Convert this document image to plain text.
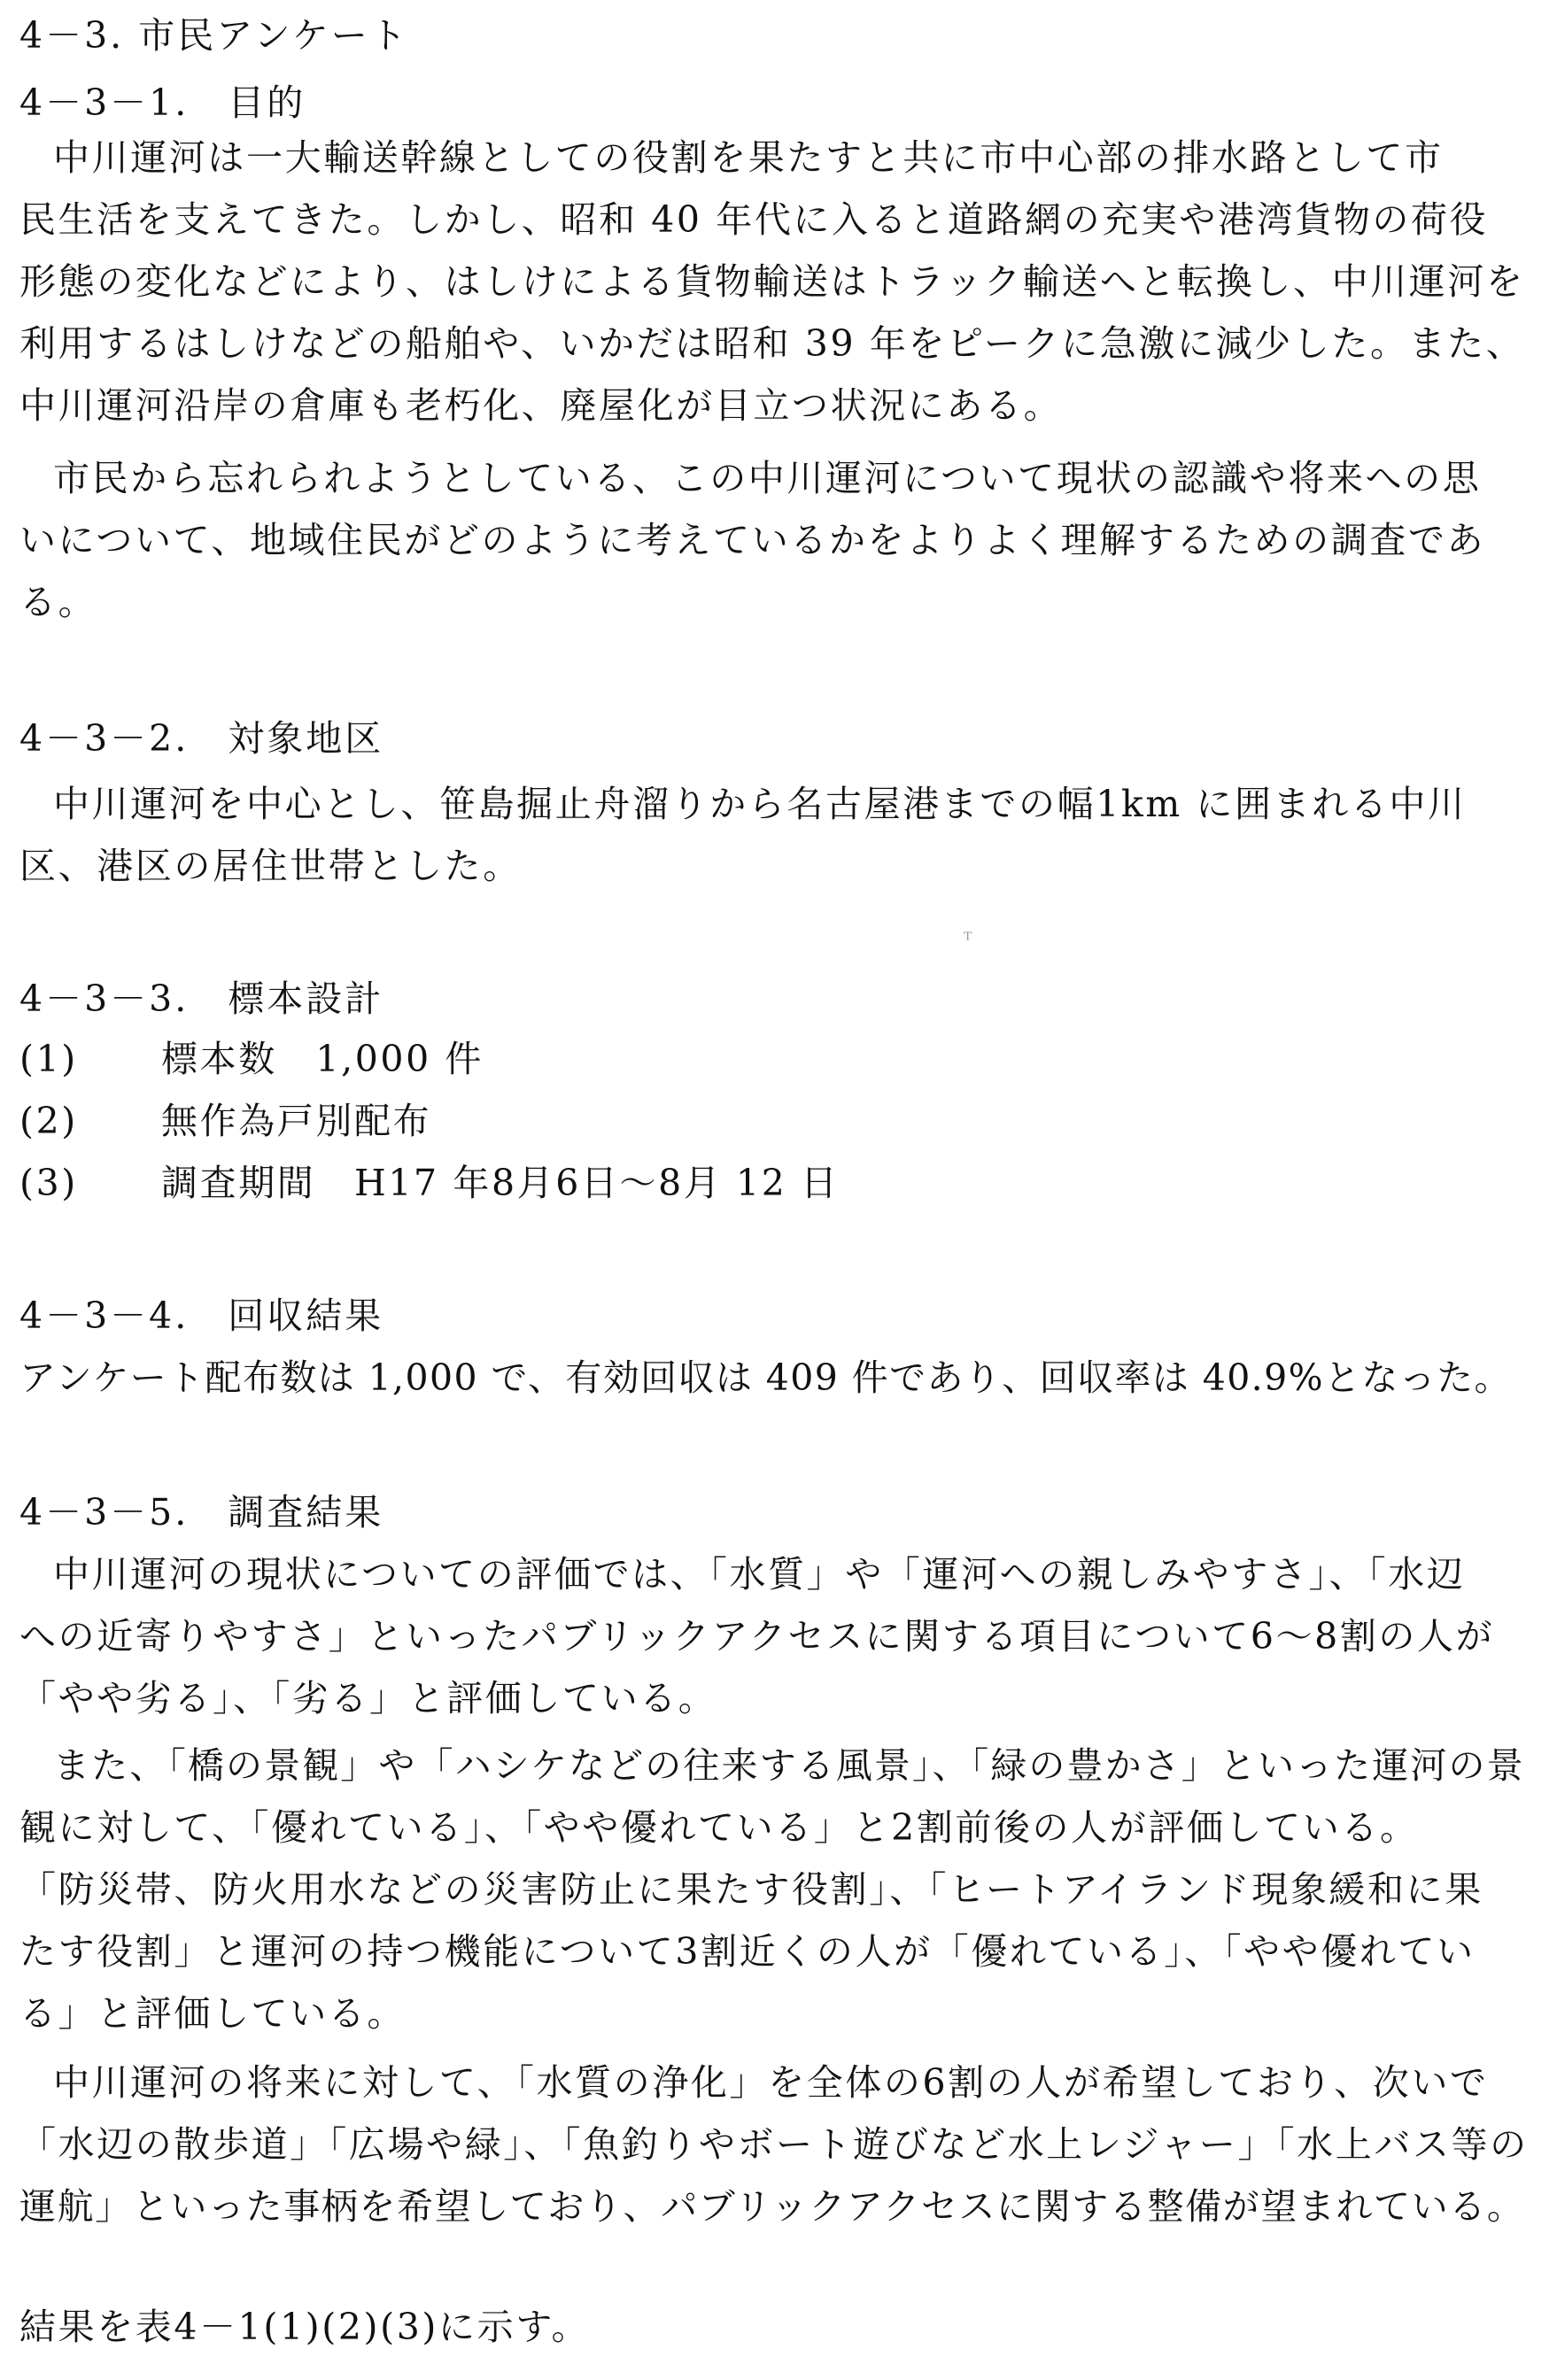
4－3. 市民アンケート
4－3－1.　目的
中川運河は一大輸送幹線としての役割を果たすと共に市中心部の排水路として市
民生活を支えてきた。しかし、昭和 40 年代に入ると道路網の充実や港湾貨物の荷役
形態の変化などにより、はしけによる貨物輸送はトラック輸送へと転換し、中川運河を
利用するはしけなどの船舶や、いかだは昭和 39 年をピークに急激に減少した。また、
中川運河沿岸の倉庫も老朽化、廃屋化が目立つ状況にある。
市民から忘れられようとしている、この中川運河について現状の認識や将来への思
いについて、地域住民がどのように考えているかをよりよく理解するための調査であ
る。
4－3－2.　対象地区
中川運河を中心とし、笹島掘止舟溜りから名古屋港までの幅1km に囲まれる中川
区、港区の居住世帯とした。
ᵀ
4－3－3.　標本設計
(1) 標本数　1,000 件
(2) 無作為戸別配布
(3) 調査期間　H17 年8月6日～8月 12 日
4－3－4.　回収結果
アンケート配布数は 1,000 で、有効回収は 409 件であり、回収率は 40.9%となった。
4－3－5.　調査結果
中川運河の現状についての評価では、「水質」や「運河への親しみやすさ」、「水辺
への近寄りやすさ」といったパブリックアクセスに関する項目について6～8割の人が
「やや劣る」、「劣る」と評価している。
また、「橋の景観」や「ハシケなどの往来する風景」、「緑の豊かさ」といった運河の景
観に対して、「優れている」、「やや優れている」と2割前後の人が評価している。
「防災帯、防火用水などの災害防止に果たす役割」、「ヒートアイランド現象緩和に果
たす役割」と運河の持つ機能について3割近くの人が「優れている」、「やや優れてい
る」と評価している。
中川運河の将来に対して、「水質の浄化」を全体の6割の人が希望しており、次いで
「水辺の散歩道」「広場や緑」、「魚釣りやボート遊びなど水上レジャー」「水上バス等の
運航」といった事柄を希望しており、パブリックアクセスに関する整備が望まれている。
結果を表4－1(1)(2)(3)に示す。
